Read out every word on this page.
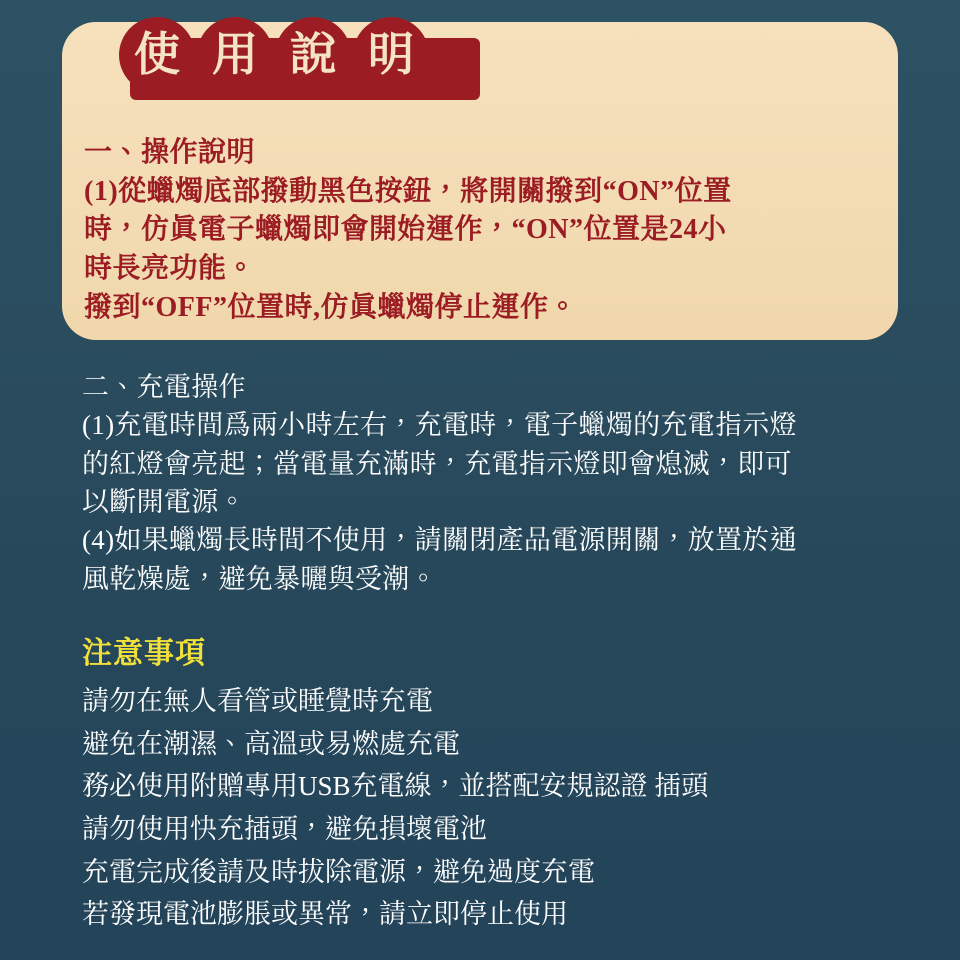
使 用 說 明
一、操作說明
(1)從蠟燭底部撥動黑色按鈕，將開關撥到“ON”位置
時，仿眞電子蠟燭即會開始運作，“ON”位置是24小
時長亮功能。
撥到“OFF”位置時,仿眞蠟燭停止運作。
二、充電操作
(1)充電時間爲兩小時左右，充電時，電子蠟燭的充電指示燈
的紅燈會亮起；當電量充滿時，充電指示燈即會熄滅，即可
以斷開電源。
(4)如果蠟燭長時間不使用，請關閉產品電源開關，放置於通
風乾燥處，避免暴曬與受潮。
注意事項
請勿在無人看管或睡覺時充電
避免在潮濕、高溫或易燃處充電
務必使用附贈專用USB充電線，並搭配安規認證 插頭
請勿使用快充插頭，避免損壞電池
充電完成後請及時拔除電源，避免過度充電
若發現電池膨脹或異常，請立即停止使用
